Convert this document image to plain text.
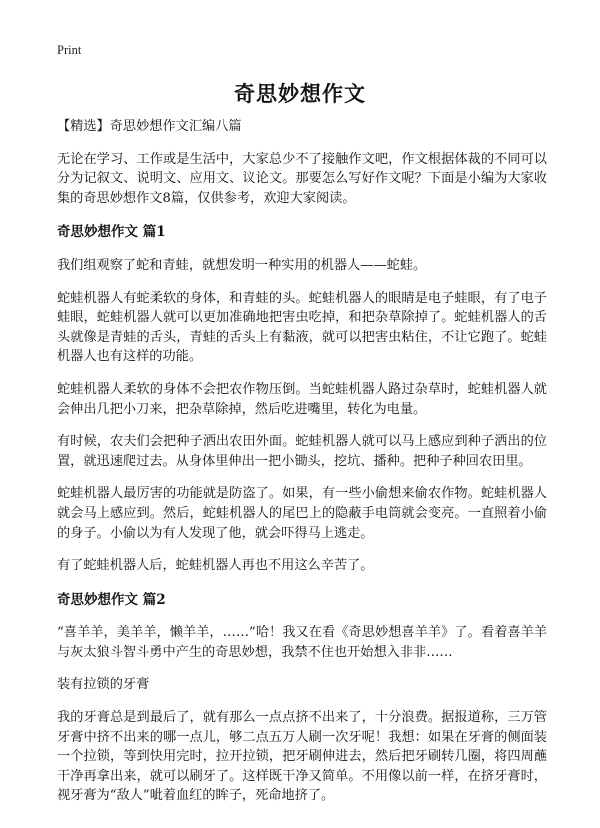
Print
奇思妙想作文

【精选】奇思妙想作文汇编八篇

无论在学习、工作或是生活中，大家总少不了接触作文吧，作文根据体裁的不同可以分为记叙文、说明文、应用文、议论文。那要怎么写好作文呢？下面是小编为大家收集的奇思妙想作文8篇，仅供参考，欢迎大家阅读。

奇思妙想作文 篇1

我们组观察了蛇和青蛙，就想发明一种实用的机器人——蛇蛙。

蛇蛙机器人有蛇柔软的身体，和青蛙的头。蛇蛙机器人的眼睛是电子蛙眼，有了电子蛙眼，蛇蛙机器人就可以更加准确地把害虫吃掉，和把杂草除掉了。蛇蛙机器人的舌头就像是青蛙的舌头，青蛙的舌头上有黏液，就可以把害虫粘住，不让它跑了。蛇蛙机器人也有这样的功能。

蛇蛙机器人柔软的身体不会把农作物压倒。当蛇蛙机器人路过杂草时，蛇蛙机器人就会伸出几把小刀来，把杂草除掉，然后吃进嘴里，转化为电量。

有时候，农夫们会把种子洒出农田外面。蛇蛙机器人就可以马上感应到种子洒出的位置，就迅速爬过去。从身体里伸出一把小锄头，挖坑、播种。把种子种回农田里。

蛇蛙机器人最厉害的功能就是防盗了。如果，有一些小偷想来偷农作物。蛇蛙机器人就会马上感应到。然后，蛇蛙机器人的尾巴上的隐蔽手电筒就会变亮。一直照着小偷的身子。小偷以为有人发现了他，就会吓得马上逃走。

有了蛇蛙机器人后，蛇蛙机器人再也不用这么辛苦了。

奇思妙想作文 篇2

“喜羊羊，美羊羊，懒羊羊，……”哈！我又在看《奇思妙想喜羊羊》了。看着喜羊羊与灰太狼斗智斗勇中产生的奇思妙想，我禁不住也开始想入非非……

装有拉锁的牙膏

我的牙膏总是到最后了，就有那么一点点挤不出来了，十分浪费。据报道称，三万管牙膏中挤不出来的哪一点儿，够二点五万人刷一次牙呢！我想：如果在牙膏的侧面装一个拉锁，等到快用完时，拉开拉锁，把牙刷伸进去，然后把牙刷转几圈，将四周蘸干净再拿出来，就可以刷牙了。这样既干净又简单。不用像以前一样，在挤牙膏时，视牙膏为“敌人”呲着血红的眸子，死命地挤了。
